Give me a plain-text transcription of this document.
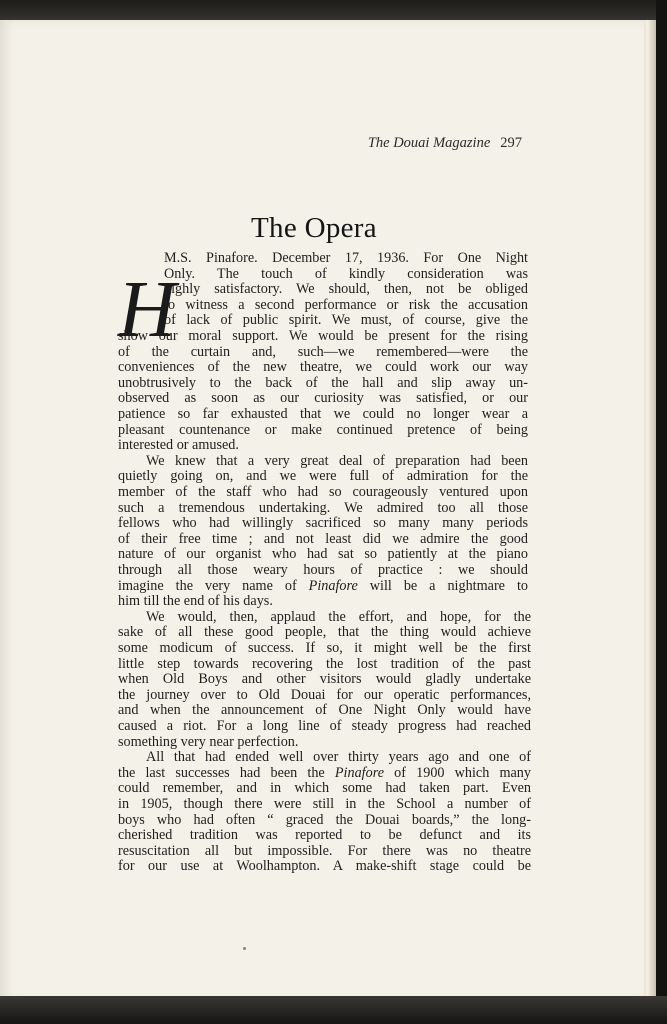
The Douai Magazine 297
The Opera
H
M.S. Pinafore. December 17, 1936. For One Night
Only. The touch of kindly consideration was
highly satisfactory. We should, then, not be obliged
to witness a second performance or risk the accusation
of lack of public spirit. We must, of course, give the
show our moral support. We would be present for the rising
of the curtain and, such—we remembered—were the
conveniences of the new theatre, we could work our way
unobtrusively to the back of the hall and slip away un-
observed as soon as our curiosity was satisfied, or our
patience so far exhausted that we could no longer wear a
pleasant countenance or make continued pretence of being
interested or amused.
We knew that a very great deal of preparation had been
quietly going on, and we were full of admiration for the
member of the staff who had so courageously ventured upon
such a tremendous undertaking. We admired too all those
fellows who had willingly sacrificed so many many periods
of their free time ; and not least did we admire the good
nature of our organist who had sat so patiently at the piano
through all those weary hours of practice : we should
imagine the very name of Pinafore will be a nightmare to
him till the end of his days.
We would, then, applaud the effort, and hope, for the
sake of all these good people, that the thing would achieve
some modicum of success. If so, it might well be the first
little step towards recovering the lost tradition of the past
when Old Boys and other visitors would gladly undertake
the journey over to Old Douai for our operatic performances,
and when the announcement of One Night Only would have
caused a riot. For a long line of steady progress had reached
something very near perfection.
All that had ended well over thirty years ago and one of
the last successes had been the Pinafore of 1900 which many
could remember, and in which some had taken part. Even
in 1905, though there were still in the School a number of
boys who had often “ graced the Douai boards,” the long-
cherished tradition was reported to be defunct and its
resuscitation all but impossible. For there was no theatre
for our use at Woolhampton. A make-shift stage could be
